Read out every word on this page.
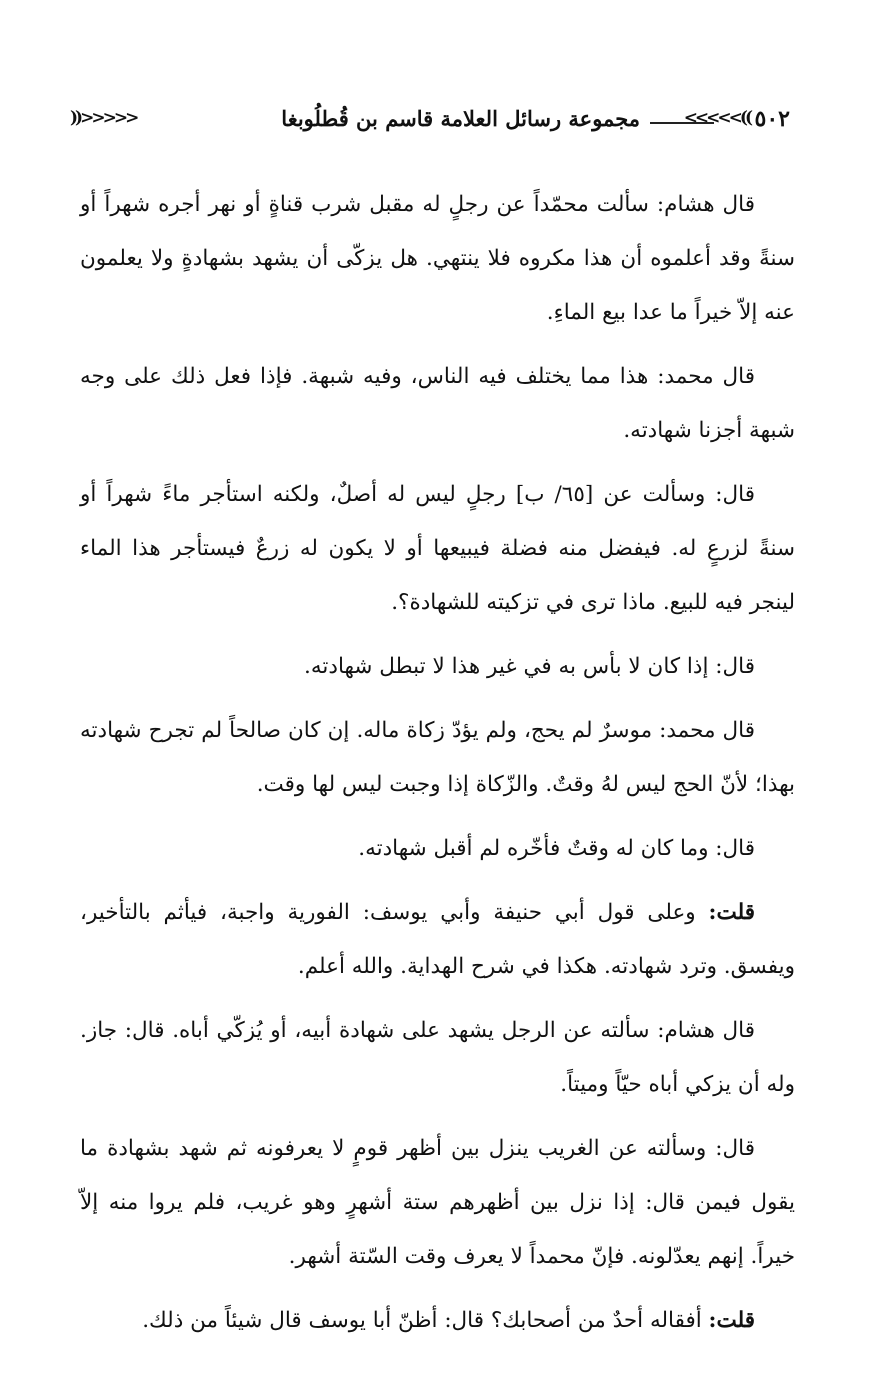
<<<<<(( ٥٠٢
مجموعة رسائل العلامة قاسم بن قُطلُوبغا
))>>>>>

قال هشام: سألت محمّداً عن رجلٍ له مقبل شرب قناةٍ أو نهر أجره شهراً أو سنةً وقد أعلموه أن هذا مكروه فلا ينتهي. هل يزكّى أن يشهد بشهادةٍ ولا يعلمون عنه إلاّ خيراً ما عدا بيع الماءِ.

قال محمد: هذا مما يختلف فيه الناس، وفيه شبهة. فإذا فعل ذلك على وجه شبهة أجزنا شهادته.

قال: وسألت عن [٦٥/ ب] رجلٍ ليس له أصلٌ، ولكنه استأجر ماءً شهراً أو سنةً لزرعٍ له. فيفضل منه فضلة فيبيعها أو لا يكون له زرعٌ فيستأجر هذا الماء لينجر فيه للبيع. ماذا ترى في تزكيته للشهادة؟.

قال: إذا كان لا بأس به في غير هذا لا تبطل شهادته.

قال محمد: موسرٌ لم يحج، ولم يؤدّ زكاة ماله. إن كان صالحاً لم تجرح شهادته بهذا؛ لأنّ الحج ليس لهُ وقتٌ. والزّكاة إذا وجبت ليس لها وقت.

قال: وما كان له وقتٌ فأخّره لم أقبل شهادته.

قلت: وعلى قول أبي حنيفة وأبي يوسف: الفورية واجبة، فيأثم بالتأخير، ويفسق. وترد شهادته. هكذا في شرح الهداية. والله أعلم.

قال هشام: سألته عن الرجل يشهد على شهادة أبيه، أو يُزكّي أباه. قال: جاز. وله أن يزكي أباه حيّاً وميتاً.

قال: وسألته عن الغريب ينزل بين أظهر قومٍ لا يعرفونه ثم شهد بشهادة ما يقول فيمن قال: إذا نزل بين أظهرهم ستة أشهرٍ وهو غريب، فلم يروا منه إلاّ خيراً. إنهم يعدّلونه. فإنّ محمداً لا يعرف وقت السّتة أشهر.

قلت: أفقاله أحدٌ من أصحابك؟ قال: أظنّ أبا يوسف قال شيئاً من ذلك.
